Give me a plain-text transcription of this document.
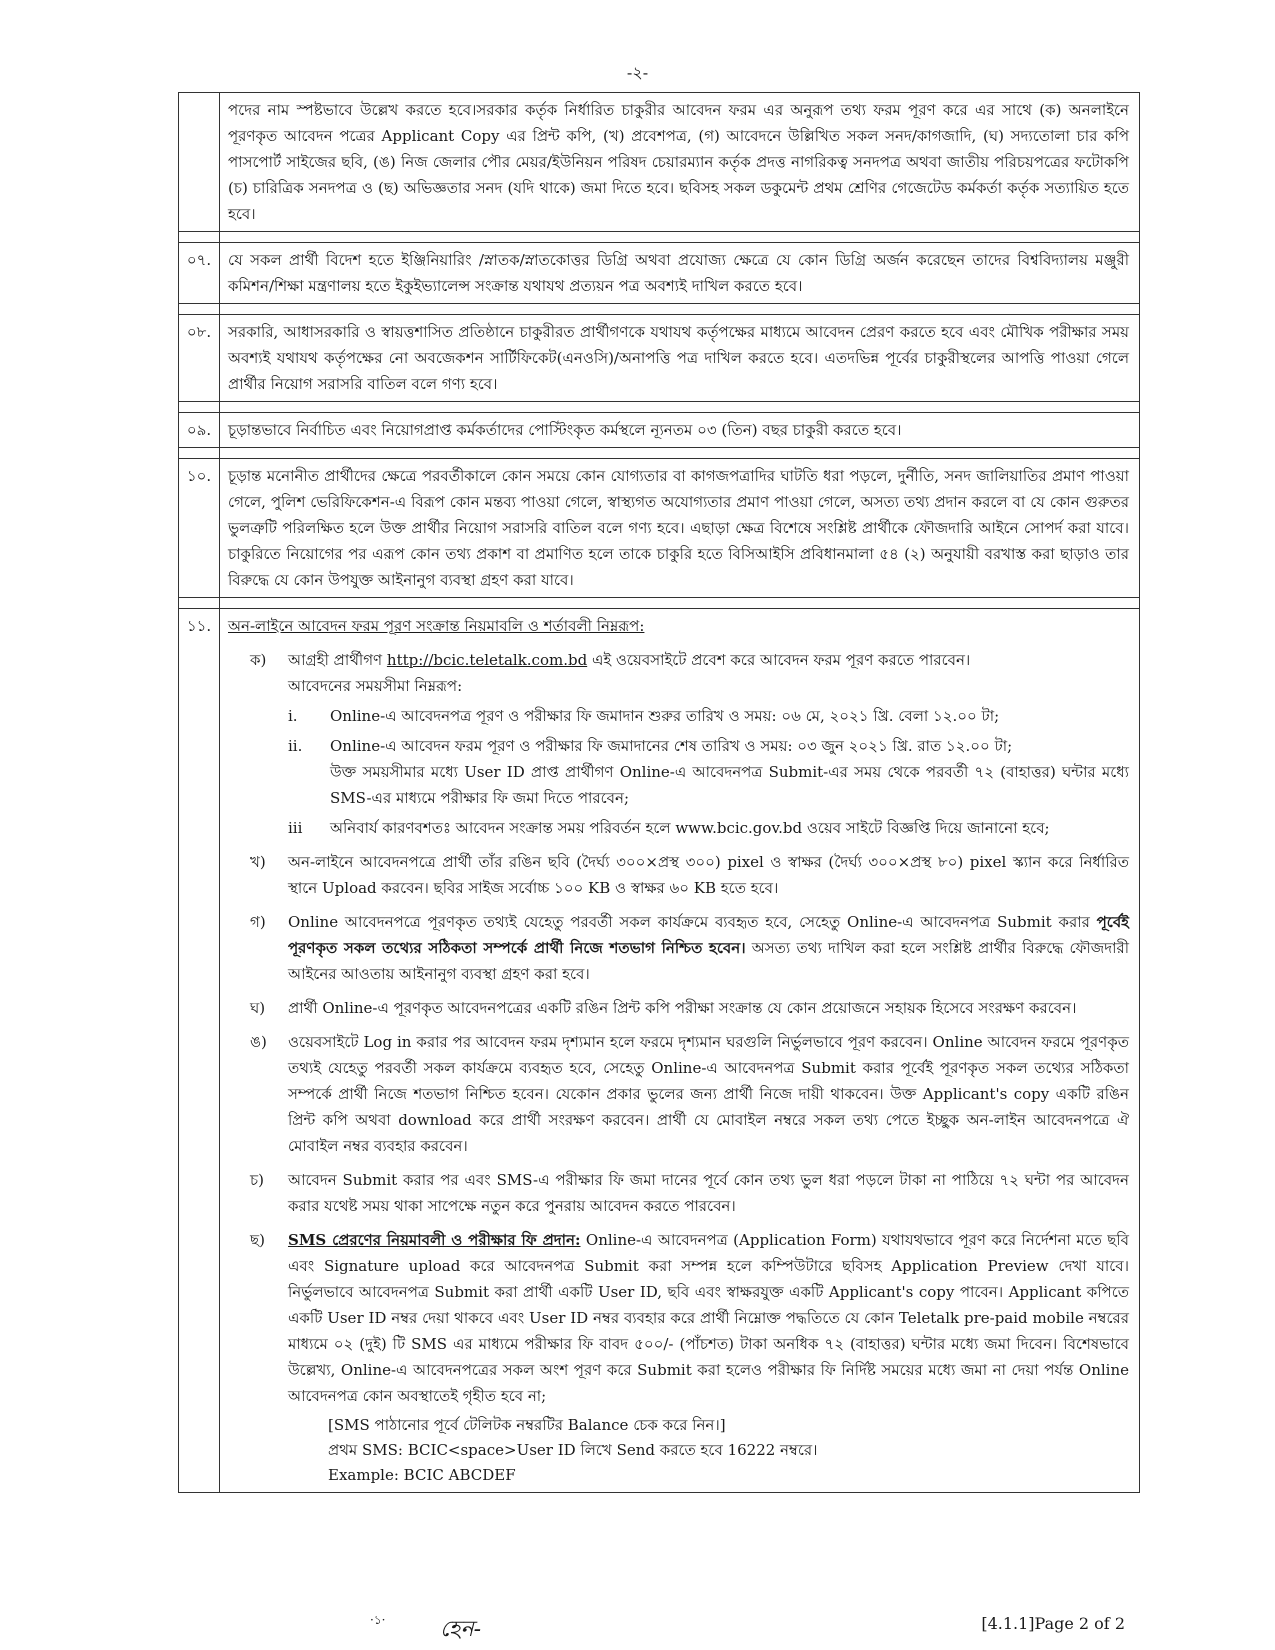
-২-
পদের নাম স্পষ্টভাবে উল্লেখ করতে হবে।সরকার কর্তৃক নির্ধারিত চাকুরীর আবেদন ফরম এর অনুরূপ তথ্য ফরম পূরণ করে এর সাথে (ক) অনলাইনে পূরণকৃত আবেদন পত্রের Applicant Copy এর প্রিন্ট কপি, (খ) প্রবেশপত্র, (গ) আবেদনে উল্লিখিত সকল সনদ/কাগজাদি, (ঘ) সদ্যতোলা চার কপি পাসপোর্ট সাইজের ছবি, (ঙ) নিজ জেলার পৌর মেয়র/ইউনিয়ন পরিষদ চেয়ারম্যান কর্তৃক প্রদত্ত নাগরিকত্ব সনদপত্র অথবা জাতীয় পরিচয়পত্রের ফটোকপি (চ) চারিত্রিক সনদপত্র ও (ছ) অভিজ্ঞতার সনদ (যদি থাকে) জমা দিতে হবে। ছবিসহ সকল ডকুমেন্ট প্রথম শ্রেণির গেজেটেড কর্মকর্তা কর্তৃক সত্যায়িত হতে হবে।
০৭.	যে সকল প্রার্থী বিদেশ হতে ইঞ্জিনিয়ারিং /স্নাতক/স্নাতকোত্তর ডিগ্রি অথবা প্রযোজ্য ক্ষেত্রে যে কোন ডিগ্রি অর্জন করেছেন তাদের বিশ্ববিদ্যালয় মঞ্জুরী কমিশন/শিক্ষা মন্ত্রণালয় হতে ইকুইভ্যালেন্স সংক্রান্ত যথাযথ প্রত্যয়ন পত্র অবশ্যই দাখিল করতে হবে।
০৮.	সরকারি, আধাসরকারি ও স্বায়ত্তশাসিত প্রতিষ্ঠানে চাকুরীরত প্রার্থীগণকে যথাযথ কর্তৃপক্ষের মাধ্যমে আবেদন প্রেরণ করতে হবে এবং মৌখিক পরীক্ষার সময় অবশ্যই যথাযথ কর্তৃপক্ষের নো অবজেকশন সার্টিফিকেট(এনওসি)/অনাপত্তি পত্র দাখিল করতে হবে। এতদভিন্ন পূর্বের চাকুরীস্থলের আপত্তি পাওয়া গেলে প্রার্থীর নিয়োগ সরাসরি বাতিল বলে গণ্য হবে।
০৯.	চূড়ান্তভাবে নির্বাচিত এবং নিয়োগপ্রাপ্ত কর্মকর্তাদের পোস্টিংকৃত কর্মস্থলে ন্যূনতম ০৩ (তিন) বছর চাকুরী করতে হবে।
১০.	চূড়ান্ত মনোনীত প্রার্থীদের ক্ষেত্রে পরবর্তীকালে কোন সময়ে কোন যোগ্যতার বা কাগজপত্রাদির ঘাটতি ধরা পড়লে, দুর্নীতি, সনদ জালিয়াতির প্রমাণ পাওয়া গেলে, পুলিশ ভেরিফিকেশন-এ বিরূপ কোন মন্তব্য পাওয়া গেলে, স্বাস্থ্যগত অযোগ্যতার প্রমাণ পাওয়া গেলে, অসত্য তথ্য প্রদান করলে বা যে কোন গুরুতর ভুলত্রুটি পরিলক্ষিত হলে উক্ত প্রার্থীর নিয়োগ সরাসরি বাতিল বলে গণ্য হবে। এছাড়া ক্ষেত্র বিশেষে সংশ্লিষ্ট প্রার্থীকে ফৌজদারি আইনে সোপর্দ করা যাবে। চাকুরিতে নিয়োগের পর এরূপ কোন তথ্য প্রকাশ বা প্রমাণিত হলে তাকে চাকুরি হতে বিসিআইসি প্রবিধানমালা ৫৪ (২) অনুযায়ী বরখাস্ত করা ছাড়াও তার বিরুদ্ধে যে কোন উপযুক্ত আইনানুগ ব্যবস্থা গ্রহণ করা যাবে।
১১.	অন-লাইনে আবেদন ফরম পূরণ সংক্রান্ত নিয়মাবলি ও শর্তাবলী নিম্নরূপ:
ক)	আগ্রহী প্রার্থীগণ http://bcic.teletalk.com.bd এই ওয়েবসাইটে প্রবেশ করে আবেদন ফরম পূরণ করতে পারবেন।
আবেদনের সময়সীমা নিম্নরূপ:
i.	Online-এ আবেদনপত্র পূরণ ও পরীক্ষার ফি জমাদান শুরুর তারিখ ও সময়: ০৬ মে, ২০২১ খ্রি. বেলা ১২.০০ টা;
ii.	Online-এ আবেদন ফরম পূরণ ও পরীক্ষার ফি জমাদানের শেষ তারিখ ও সময়: ০৩ জুন ২০২১ খ্রি. রাত ১২.০০ টা;
উক্ত সময়সীমার মধ্যে User ID প্রাপ্ত প্রার্থীগণ Online-এ আবেদনপত্র Submit-এর সময় থেকে পরবর্তী ৭২ (বাহাত্তর) ঘন্টার মধ্যে SMS-এর মাধ্যমে পরীক্ষার ফি জমা দিতে পারবেন;
iii	অনিবার্য কারণবশতঃ আবেদন সংক্রান্ত সময় পরিবর্তন হলে www.bcic.gov.bd ওয়েব সাইটে বিজ্ঞপ্তি দিয়ে জানানো হবে;
খ)	অন-লাইনে আবেদনপত্রে প্রার্থী তাঁর রঙিন ছবি (দৈর্ঘ্য ৩০০×প্রস্থ ৩০০) pixel ও স্বাক্ষর (দৈর্ঘ্য ৩০০×প্রস্থ ৮০) pixel স্ক্যান করে নির্ধারিত স্থানে Upload করবেন। ছবির সাইজ সর্বোচ্চ ১০০ KB ও স্বাক্ষর ৬০ KB হতে হবে।
গ)	Online আবেদনপত্রে পূরণকৃত তথ্যই যেহেতু পরবর্তী সকল কার্যক্রমে ব্যবহৃত হবে, সেহেতু Online-এ আবেদনপত্র Submit করার পূর্বেই পূরণকৃত সকল তথ্যের সঠিকতা সম্পর্কে প্রার্থী নিজে শতভাগ নিশ্চিত হবেন। অসত্য তথ্য দাখিল করা হলে সংশ্লিষ্ট প্রার্থীর বিরুদ্ধে ফৌজদারী আইনের আওতায় আইনানুগ ব্যবস্থা গ্রহণ করা হবে।
ঘ)	প্রার্থী Online-এ পূরণকৃত আবেদনপত্রের একটি রঙিন প্রিন্ট কপি পরীক্ষা সংক্রান্ত যে কোন প্রয়োজনে সহায়ক হিসেবে সংরক্ষণ করবেন।
ঙ)	ওয়েবসাইটে Log in করার পর আবেদন ফরম দৃশ্যমান হলে ফরমে দৃশ্যমান ঘরগুলি নির্ভুলভাবে পূরণ করবেন। Online আবেদন ফরমে পূরণকৃত তথ্যই যেহেতু পরবর্তী সকল কার্যক্রমে ব্যবহৃত হবে, সেহেতু Online-এ আবেদনপত্র Submit করার পূর্বেই পূরণকৃত সকল তথ্যের সঠিকতা সম্পর্কে প্রার্থী নিজে শতভাগ নিশ্চিত হবেন। যেকোন প্রকার ভুলের জন্য প্রার্থী নিজে দায়ী থাকবেন। উক্ত Applicant's copy একটি রঙিন প্রিন্ট কপি অথবা download করে প্রার্থী সংরক্ষণ করবেন। প্রার্থী যে মোবাইল নম্বরে সকল তথ্য পেতে ইচ্ছুক অন-লাইন আবেদনপত্রে ঐ মোবাইল নম্বর ব্যবহার করবেন।
চ)	আবেদন Submit করার পর এবং SMS-এ পরীক্ষার ফি জমা দানের পূর্বে কোন তথ্য ভুল ধরা পড়লে টাকা না পাঠিয়ে ৭২ ঘন্টা পর আবেদন করার যথেষ্ট সময় থাকা সাপেক্ষে নতুন করে পুনরায় আবেদন করতে পারবেন।
ছ)	SMS প্রেরণের নিয়মাবলী ও পরীক্ষার ফি প্রদান: Online-এ আবেদনপত্র (Application Form) যথাযথভাবে পূরণ করে নির্দেশনা মতে ছবি এবং Signature upload করে আবেদনপত্র Submit করা সম্পন্ন হলে কম্পিউটারে ছবিসহ Application Preview দেখা যাবে। নির্ভুলভাবে আবেদনপত্র Submit করা প্রার্থী একটি User ID, ছবি এবং স্বাক্ষরযুক্ত একটি Applicant's copy পাবেন। Applicant কপিতে একটি User ID নম্বর দেয়া থাকবে এবং User ID নম্বর ব্যবহার করে প্রার্থী নিম্নোক্ত পদ্ধতিতে যে কোন Teletalk pre-paid mobile নম্বরের মাধ্যমে ০২ (দুই) টি SMS এর মাধ্যমে পরীক্ষার ফি বাবদ ৫০০/- (পাঁচশত) টাকা অনধিক ৭২ (বাহাত্তর) ঘন্টার মধ্যে জমা দিবেন। বিশেষভাবে উল্লেখ্য, Online-এ আবেদনপত্রের সকল অংশ পূরণ করে Submit করা হলেও পরীক্ষার ফি নির্দিষ্ট সময়ের মধ্যে জমা না দেয়া পর্যন্ত Online আবেদনপত্র কোন অবস্থাতেই গৃহীত হবে না;
[SMS পাঠানোর পূর্বে টেলিটক নম্বরটির Balance চেক করে নিন।]
প্রথম SMS: BCIC<space>User ID লিখে Send করতে হবে 16222 নম্বরে।
Example: BCIC ABCDEF
·১· হেন-	[4.1.1]Page 2 of 2
